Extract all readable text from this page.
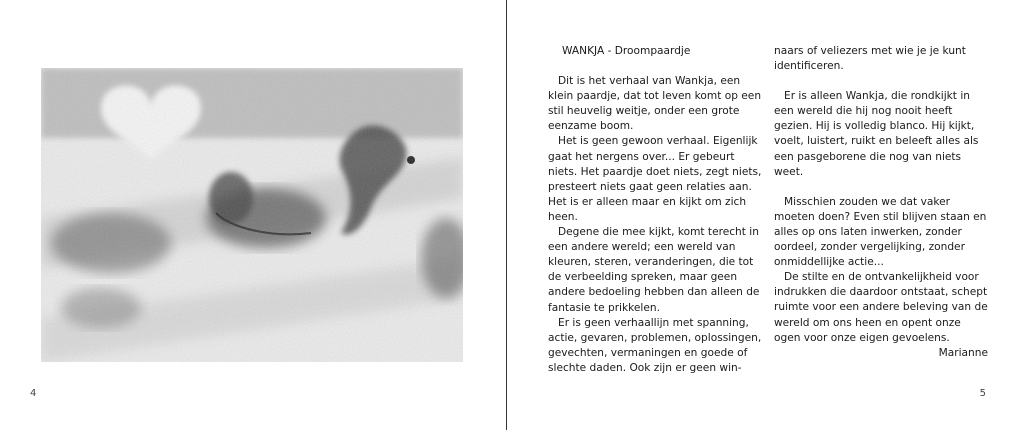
4

WANKJA - Droompaardje

Dit is het verhaal van Wankja, een klein paardje, dat tot leven komt op een stil heuvelig weitje, onder een grote eenzame boom.

Het is geen gewoon verhaal. Eigenlijk gaat het nergens over... Er gebeurt niets. Het paardje doet niets, zegt niets, presteert niets gaat geen relaties aan. Het is er alleen maar en kijkt om zich heen.

Degene die mee kijkt, komt terecht in een andere wereld; een wereld van kleuren, steren, veranderingen, die tot de verbeelding spreken, maar geen andere bedoeling hebben dan alleen de fantasie te prikkelen.

Er is geen verhaallijn met spanning, actie, gevaren, problemen, oplossingen, gevechten, vermaningen en goede of slechte daden. Ook zijn er geen win-

naars of veliezers met wie je je kunt identificeren.

Er is alleen Wankja, die rondkijkt in een wereld die hij nog nooit heeft gezien. Hij is volledig blanco. Hij kijkt, voelt, luistert, ruikt en beleeft alles als een pasgeborene die nog van niets weet.

Misschien zouden we dat vaker moeten doen? Even stil blijven staan en alles op ons laten inwerken, zonder oordeel, zonder vergelijking, zonder onmiddellijke actie...

De stilte en de ontvankelijkheid voor indrukken die daardoor ontstaat, schept ruimte voor een andere beleving van de wereld om ons heen en opent onze ogen voor onze eigen gevoelens.

Marianne

5
